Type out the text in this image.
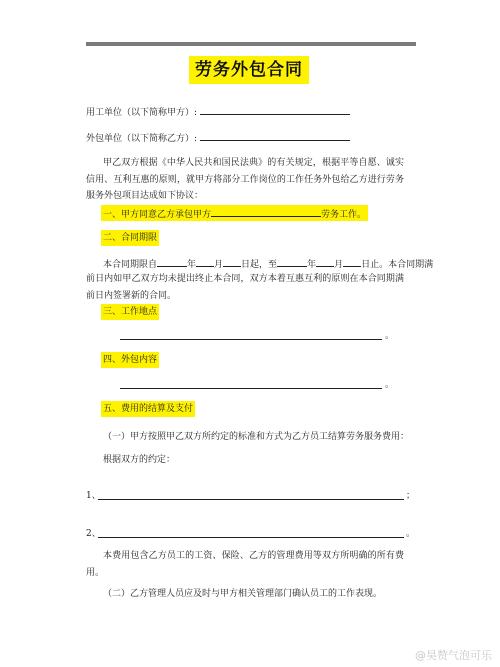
劳务外包合同
用工单位（以下简称甲方）:
外包单位（以下简称乙方）:
甲乙双方根据《中华人民共和国民法典》的有关规定，根据平等自愿、诚实信用、互利互惠的原则，就甲方将部分工作岗位的工作任务外包给乙方进行劳务服务外包项目达成如下协议：
一、甲方同意乙方承包甲方	劳务工作。
二、合同期限
本合同期限自	年 月 日起，至	年 月 日止。本合同期满
前日内如甲乙双方均未提出终止本合同，双方本着互惠互利的原则在本合同期满前日内签署新的合同。
三、工作地点
。
四、外包内容
。
五、费用的结算及支付
（一）甲方按照甲乙双方所约定的标准和方式为乙方员工结算劳务服务费用：
根据双方的约定：
1、	；
2、	。
本费用包含乙方员工的工资、保险、乙方的管理费用等双方所明确的所有费用。
（二）乙方管理人员应及时与甲方相关管理部门确认员工的工作表现。
@昊赞气泡可乐
